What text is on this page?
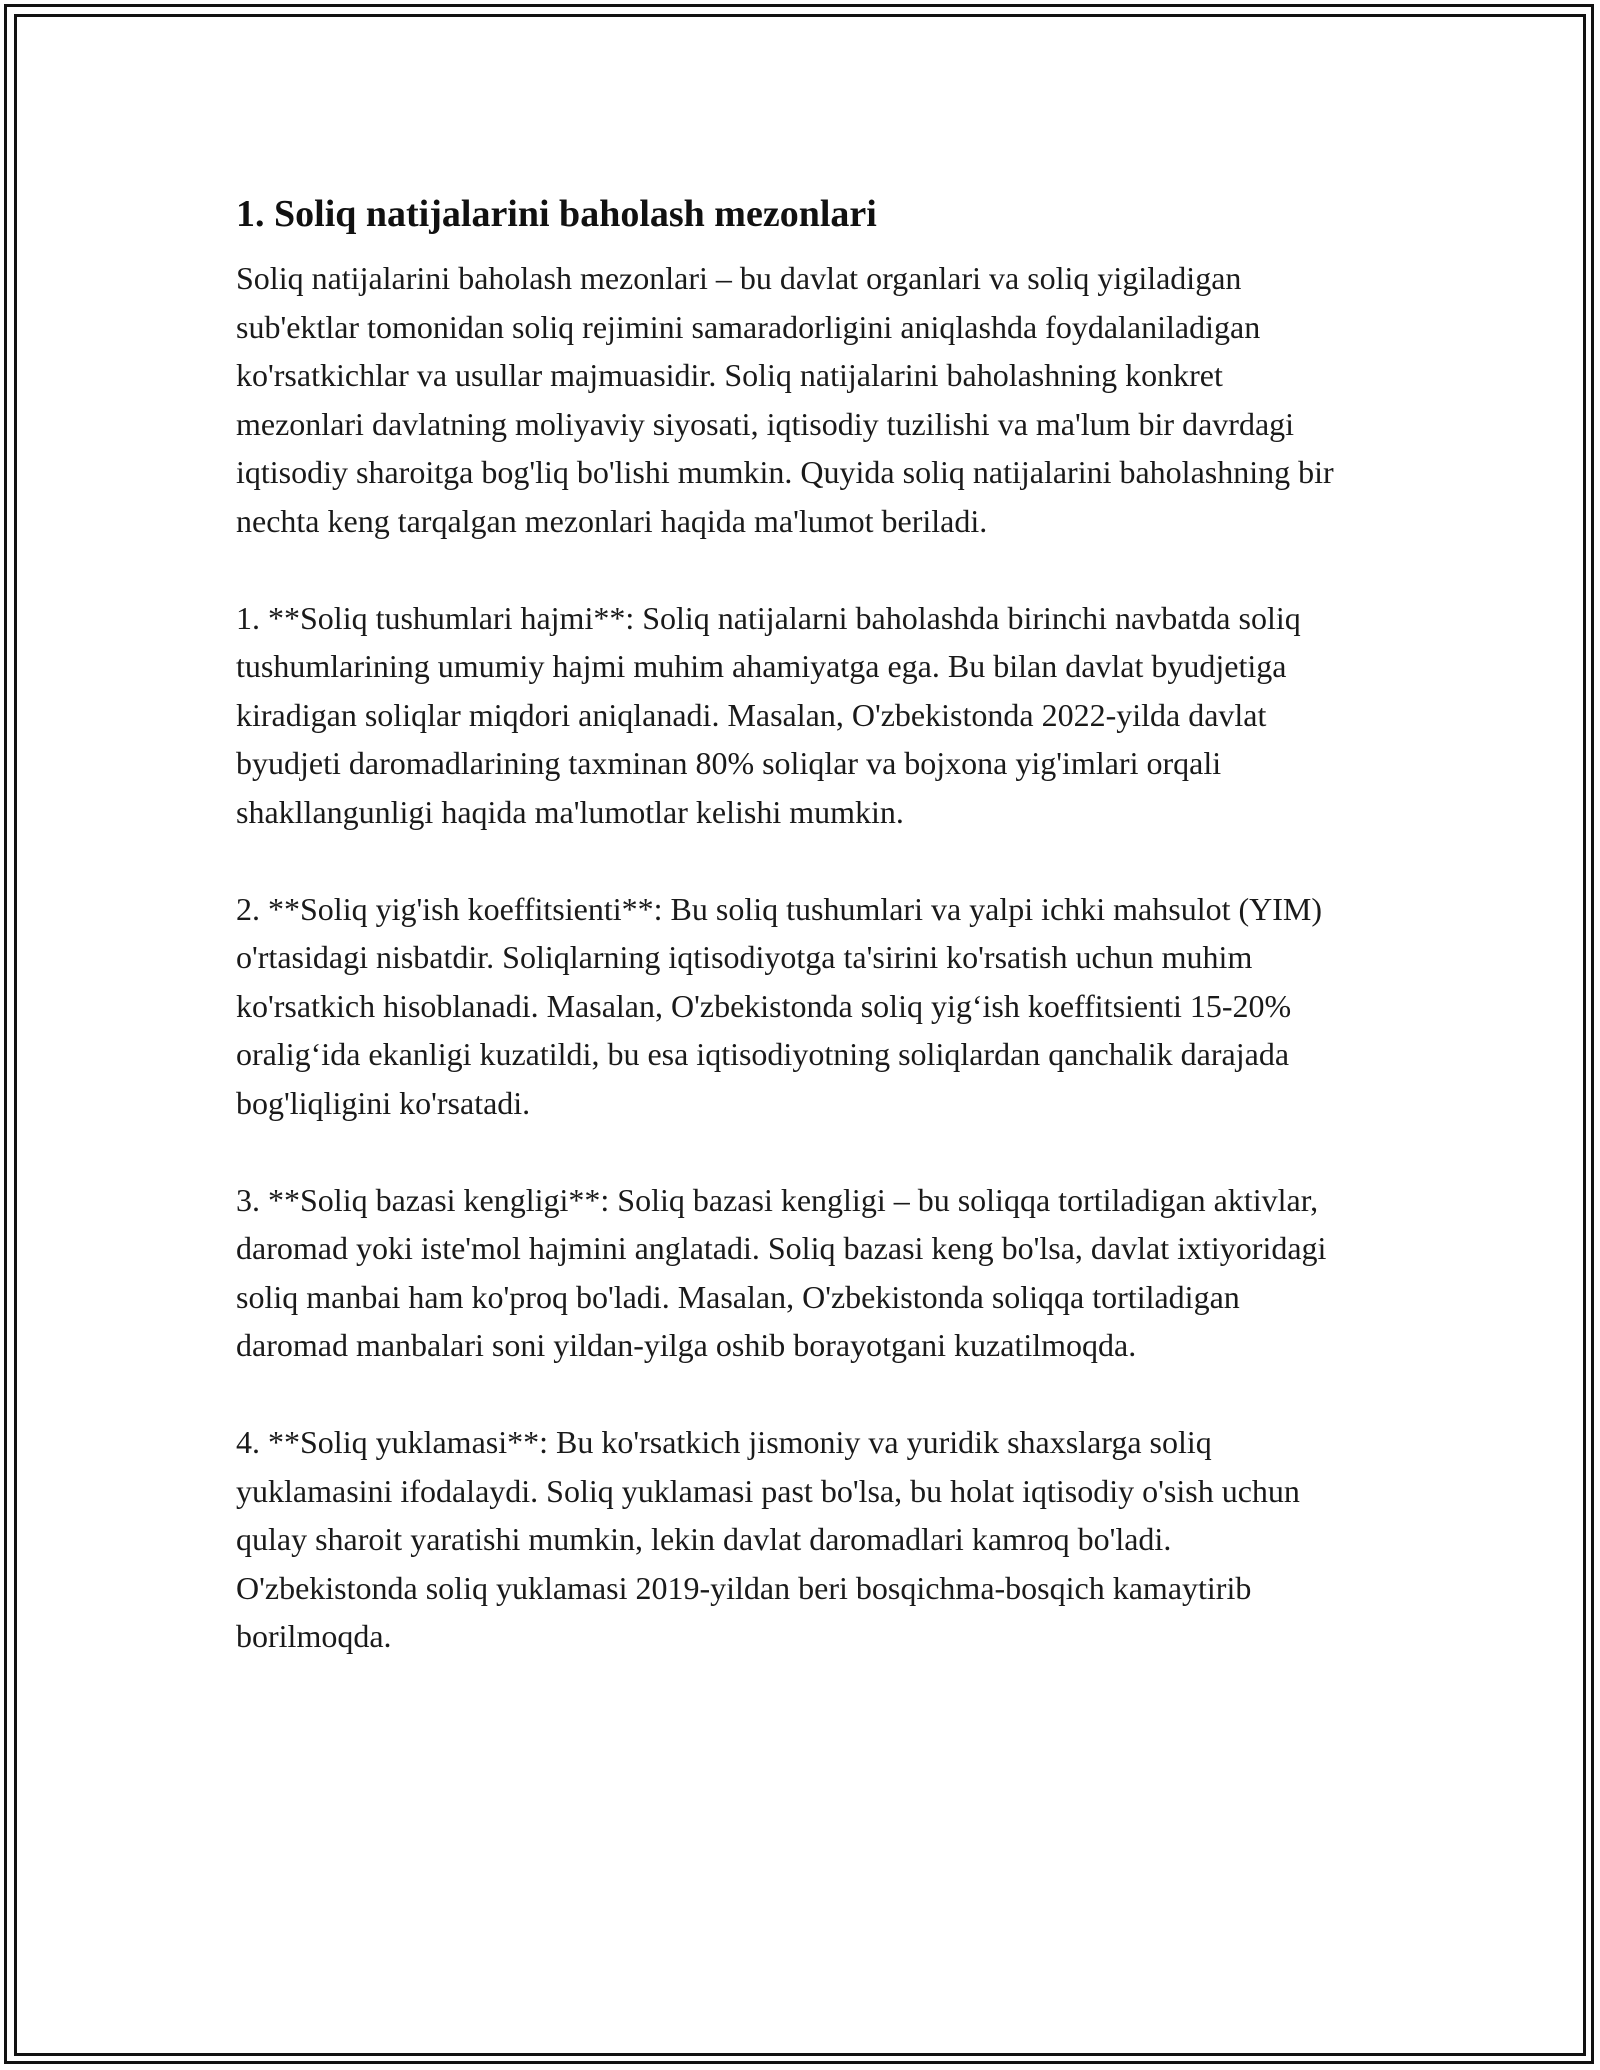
1. Soliq natijalarini baholash mezonlari

Soliq natijalarini baholash mezonlari – bu davlat organlari va soliq yigiladigan sub'ektlar tomonidan soliq rejimini samaradorligini aniqlashda foydalaniladigan ko'rsatkichlar va usullar majmuasidir. Soliq natijalarini baholashning konkret mezonlari davlatning moliyaviy siyosati, iqtisodiy tuzilishi va ma'lum bir davrdagi iqtisodiy sharoitga bog'liq bo'lishi mumkin. Quyida soliq natijalarini baholashning bir nechta keng tarqalgan mezonlari haqida ma'lumot beriladi.

1. **Soliq tushumlari hajmi**: Soliq natijalarni baholashda birinchi navbatda soliq tushumlarining umumiy hajmi muhim ahamiyatga ega. Bu bilan davlat byudjetiga kiradigan soliqlar miqdori aniqlanadi. Masalan, O'zbekistonda 2022-yilda davlat byudjeti daromadlarining taxminan 80% soliqlar va bojxona yig'imlari orqali shakllangunligi haqida ma'lumotlar kelishi mumkin.

2. **Soliq yig'ish koeffitsienti**: Bu soliq tushumlari va yalpi ichki mahsulot (YIM) o'rtasidagi nisbatdir. Soliqlarning iqtisodiyotga ta'sirini ko'rsatish uchun muhim ko'rsatkich hisoblanadi. Masalan, O'zbekistonda soliq yig‘ish koeffitsienti 15-20% oralig‘ida ekanligi kuzatildi, bu esa iqtisodiyotning soliqlardan qanchalik darajada bog'liqligini ko'rsatadi.

3. **Soliq bazasi kengligi**: Soliq bazasi kengligi – bu soliqqa tortiladigan aktivlar, daromad yoki iste'mol hajmini anglatadi. Soliq bazasi keng bo'lsa, davlat ixtiyoridagi soliq manbai ham ko'proq bo'ladi. Masalan, O'zbekistonda soliqqa tortiladigan daromad manbalari soni yildan-yilga oshib borayotgani kuzatilmoqda.

4. **Soliq yuklamasi**: Bu ko'rsatkich jismoniy va yuridik shaxslarga soliq yuklamasini ifodalaydi. Soliq yuklamasi past bo'lsa, bu holat iqtisodiy o'sish uchun qulay sharoit yaratishi mumkin, lekin davlat daromadlari kamroq bo'ladi. O'zbekistonda soliq yuklamasi 2019-yildan beri bosqichma-bosqich kamaytirib borilmoqda.
